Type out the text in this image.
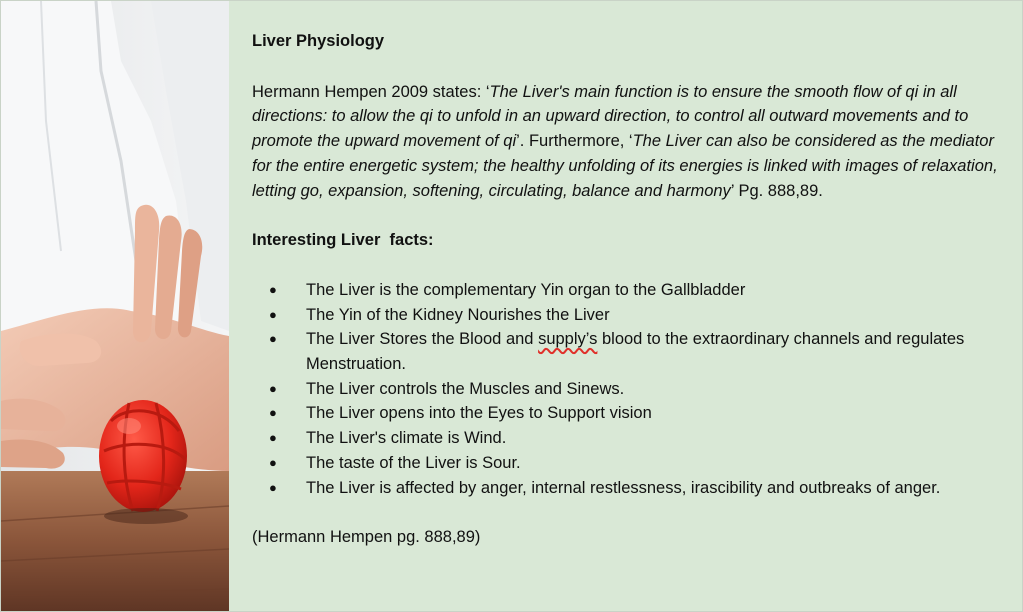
Liver Physiology

Hermann Hempen 2009 states: ‘The Liver's main function is to ensure the smooth flow of qi in all directions: to allow the qi to unfold in an upward direction, to control all outward movements and to promote the upward movement of qi’. Furthermore, ‘The Liver can also be considered as the mediator for the entire energetic system; the healthy unfolding of its energies is linked with images of relaxation, letting go, expansion, softening, circulating, balance and harmony’ Pg. 888,89.

Interesting Liver  facts:

● The Liver is the complementary Yin organ to the Gallbladder
● The Yin of the Kidney Nourishes the Liver
● The Liver Stores the Blood and supply’s blood to the extraordinary channels and regulates Menstruation.
● The Liver controls the Muscles and Sinews.
● The Liver opens into the Eyes to Support vision
● The Liver's climate is Wind.
● The taste of the Liver is Sour.
● The Liver is affected by anger, internal restlessness, irascibility and outbreaks of anger.

(Hermann Hempen pg. 888,89)
